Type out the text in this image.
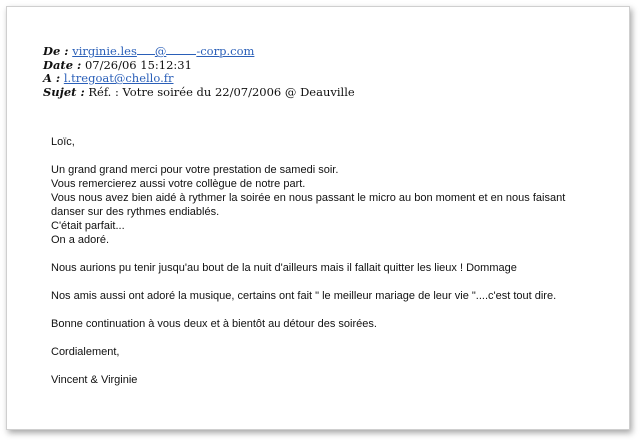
De : virginie.les @	-corp.com
Date : 07/26/06 15:12:31
A : l.tregoat@chello.fr
Sujet : Réf. : Votre soirée du 22/07/2006 @ Deauville

Loïc,

Un grand grand merci pour votre prestation de samedi soir.

Vous remercierez aussi votre collègue de notre part.

Vous nous avez bien aidé à rythmer la soirée en nous passant le micro au bon moment et en nous faisant

danser sur des rythmes endiablés.

C'était parfait...

On a adoré.

Nous aurions pu tenir jusqu'au bout de la nuit d'ailleurs mais il fallait quitter les lieux ! Dommage

Nos amis aussi ont adoré la musique, certains ont fait " le meilleur mariage de leur vie "....c'est tout dire.

Bonne continuation à vous deux et à bientôt au détour des soirées.

Cordialement,

Vincent & Virginie
